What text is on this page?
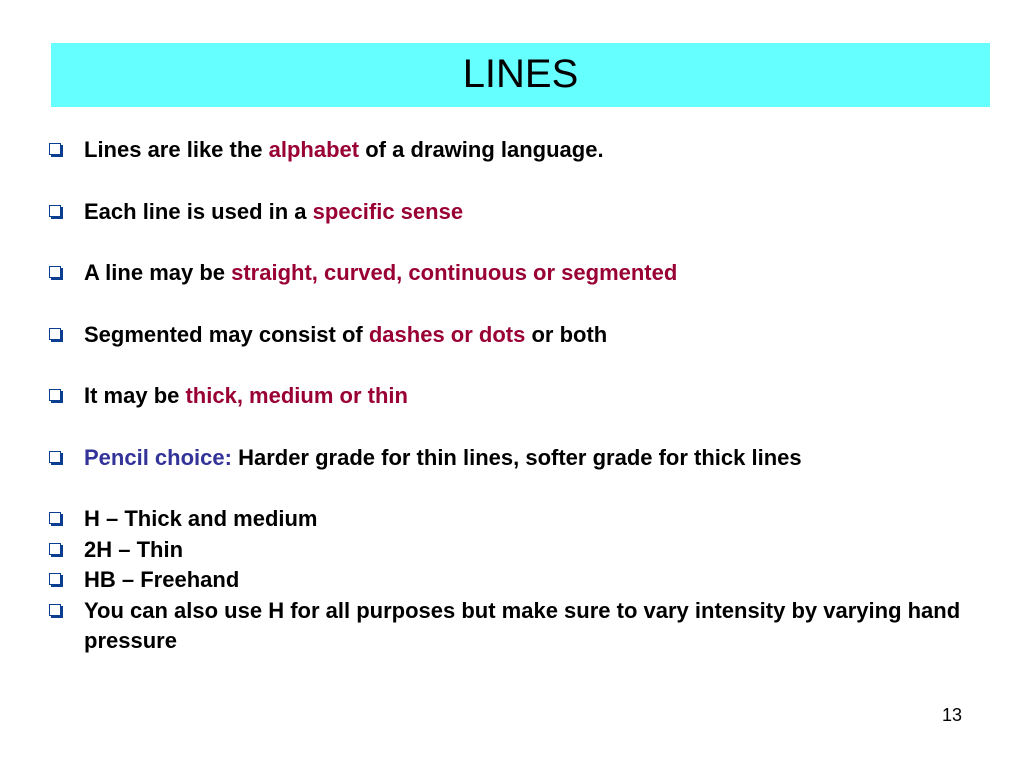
LINES
Lines are like the alphabet of a drawing language.
Each line is used in a specific sense
A line may be straight, curved, continuous or segmented
Segmented may consist of dashes or dots or both
It may be thick, medium or thin
Pencil choice: Harder grade for thin lines, softer grade for thick lines
H – Thick and medium
2H – Thin
HB – Freehand
You can also use H for all purposes but make sure to vary intensity by varying hand pressure
13
